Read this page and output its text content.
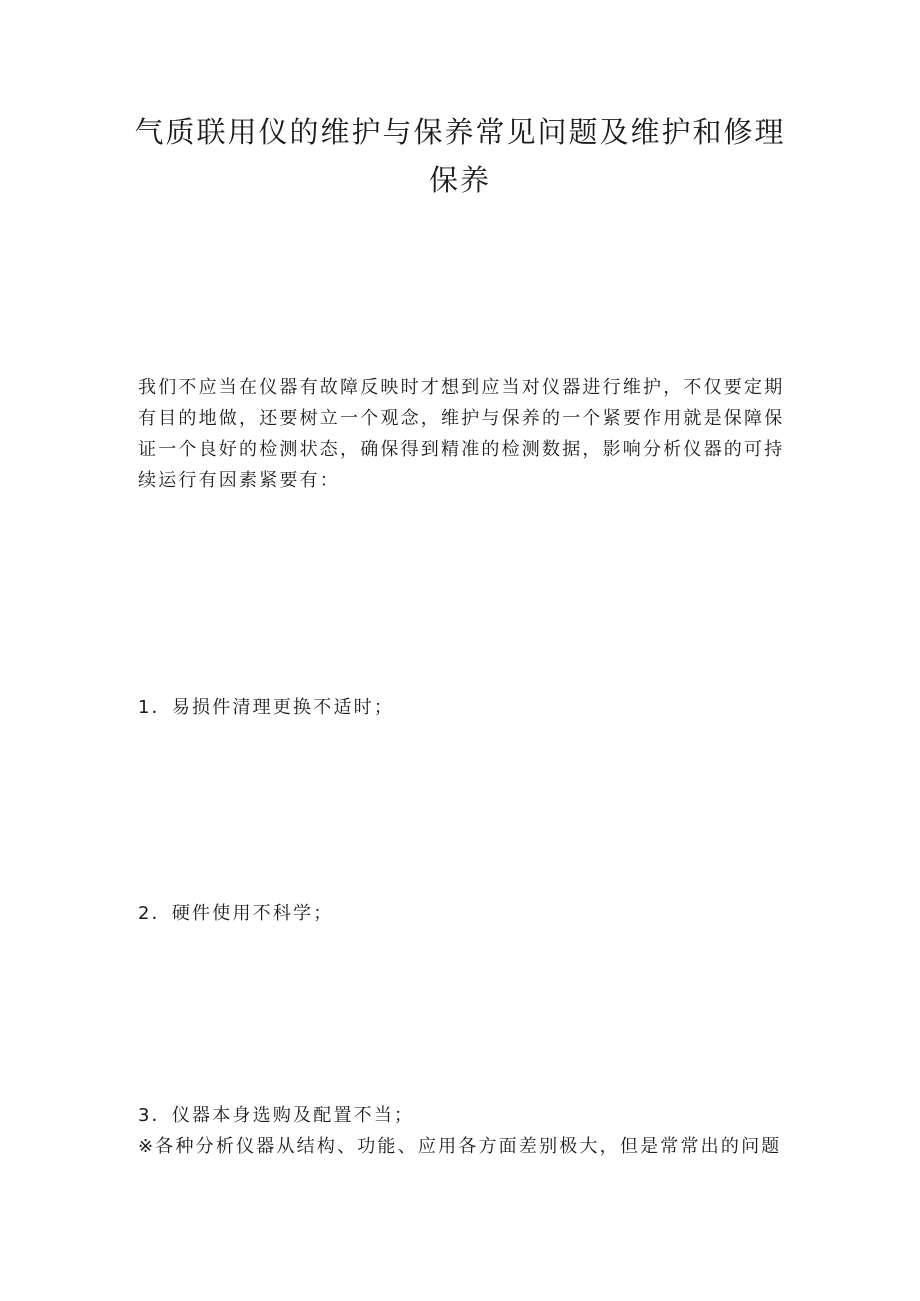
气质联用仪的维护与保养常见问题及维护和修理保养

我们不应当在仪器有故障反映时才想到应当对仪器进行维护，不仅要定期有目的地做，还要树立一个观念，维护与保养的一个紧要作用就是保障保证一个良好的检测状态，确保得到精准的检测数据，影响分析仪器的可持续运行有因素紧要有：

1．易损件清理更换不适时；

2．硬件使用不科学；

3．仪器本身选购及配置不当；

※各种分析仪器从结构、功能、应用各方面差别极大，但是常常出的问题
